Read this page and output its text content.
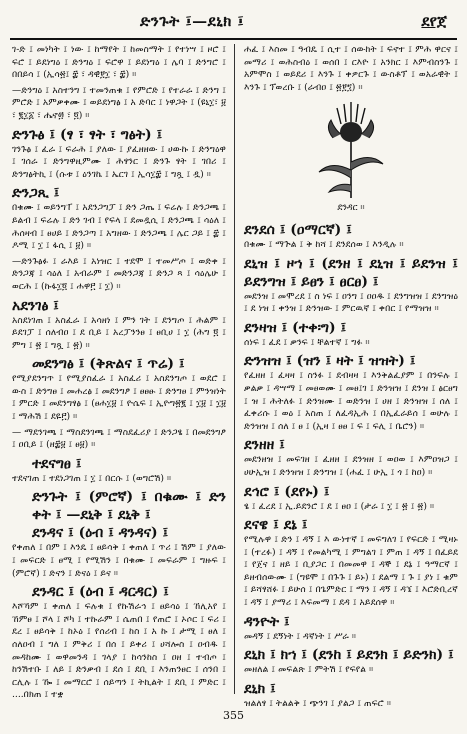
ድንጉት ፤—ደኒክ ፤	ደየጀ

ገ-ድ ፤ መነካት ፤ ነው ፤ ከማየት ፤ ከመስማት ፤ የተነሣ ፤ ዞሮ ፤ ፍሮ ፤ ይደነግዕ ፤ ድንግዕ ፤ ፍሮዋ ፤ ይደነግዕ ፤ ሌባ ፤ ድንግሮ ፤ በበይሳ ፤ (ኢሳ፳፤ ፰ ፣ ዳዊ፻፲ ፣ ፰) ።

—ድንግዕ ፤ አስተንግ ፤ ተመንጠቁ ፤ የምሮድ ፤ የተራራ ፤ ድንግ ፤ ምሮድ ፤ አምቃቀሙ ፤ ወይደነግፅ ፤ አ ድባር ፤ ነዋጋት ፤ (ዩኒ፲፣ ፱ ፣ ፪፲፩ ፣ ሔኖ፴ ፣ ፬) ።

ድንጉፅ ፤ (ፃ ፣ ፃት ፣ ግፅት) ፤

ገንጉፅ ፤ ፈራ ፤ ፍራሕ ፤ ያለው ፤ ያፈዘዘው ፤ ሀውኩ ፤ ድንግዕዋ ፤ ገሰራ ፤ ድንግዋዚምሙ ፤ ሕፃንር ፤ ድንጉ ፃት ፤ ገበሪ ፤ ድንግፅትኪ ፤ (ሱቱ ፤ ዕንገኬ ፤ ኤርገ ፤ ኢሳ፲፰ ፤ ግጿ ፤ ዷ) ።

ድንጋጺ ፤

በቁሙ ፤ ወይንግፐ ፤ አደንጋግፓ ፤ ድን ጋጤ ፤ ፍሬሉ ፤ ድንጋጫ ፤ ይልብ ፤ ፍሬሉ ፤ ድን ገብ ፤ የፍላ ፤ ደመዷሲ ፤ ድንጋጫ ፤ ሳዕለ ፤ ሕሰዛብ ፤ ፀሀይ ፤ ድንጋጣ ፤ አግዘው ፤ ድንጋጫ ፤ ሌር ጋይ ፤ ፰ ፤ ዶሚ ፤ ፲ ፤ ፋሲ ፤ ፱) ።

—ድንጉፅፉ ፤ ራእይ ፤ አነዝር ፤ ተደሞ ፤ ተመሥጦ ፤ ወድቀ ፤ ድንጋጃ ፤ ሳዕለ ፤ አብራም ፤ መድንጋጃ ፤ ድንጋ ጻ ፤ ሳዕሌሁ ፤ ወርሕ ፤ (ኩፋ፲፬ ፤ ሐዋ፫ ፤ ፲) ።

አደንገፅ ፤

አስደነገጠ ፤ አስፈራ ፤ አሳዘነ ፤ ምን ገት ፤ ደንግጦ ፤ ሕልም ፤ ይደገፓ ፤ ሰለብዐ ፤ ደ ቢይ ፤ አረፓንንፀ ፤ ፀቢሀ ፤ ፲ (ሕግ ፬ ፤ ምግ ፤ ፳ ፤ ግጿ ፤ ፳) ።

መደንግፅ ፤ (ቅጽልና ፤ ጥሬ) ፤

የሚያደንግጥ ፤ የሚያስፈራ ፤ አስፈሪ ፤ አስደንግጦ ፤ ወደሮ ፤ ውስ ፤ ድንግፀ ፤ መሐረፅ ፤ መደንግፆ ፤ ፀፀፁ ፤ ድንግፀ ፤ ምንዝነት ፤ ምርድ ፤ መደንግፃፅ ፤ (ፀሐ፲፱ ፤ ዮሴፍ ፤ ኢዮግ፳፪ ፤ ፲፱ ፤ ፲፱ ፤ ማሕሽ ፤ ደዬ፫) ።

— ማደንገጫ ፤ ማስደንገጫ ፤ ማስደፈሪያ ፤ ድንጋፄ ፤ በመደንግፆ ፤ ዐቢይ ፤ (ዘ፰፱ ፤ ፀ፱) ።

ተደናግፀ ፤

ተደናገጠ ፤ ተደነጋገጠ ፤ ፲ ፤ በርሱ ፤ (ወግሮሽ) ።

ድንጉት ፤ (ምሮኛ) ፤ በቁሙ ፤ ድን ቀት ፤ —ደኒቅ ፤ ደኒቅ ፤
ደንዳና ፤ (ዕብ ፤ ዳንዳና) ፤

የቀጠለ ፤ በም ፤ እንዴ ፤ ፀይሳቅ ፤ ቀጠለ ፤ ጥሪ ፤ ሽም ፤ ያለው ፤ መፍርድ ፤ ፀሚ ፤ የሚሽን ፤ በቁሙ ፤ መፍራም ፤ ግዙፍ ፤ (ምሮኛ) ፤ ድናን ፤ ድናዕ ፤ ይና ።

ደንዳር ፤ (ዕብ ፤ ዳርዳር) ፤

እሾኻም ፤ ቀጠለ ፤ ፍሉቁ ፤ የኩሽራኅ ፤ ፀይሳዕ ፤ ኸሊአየ ፤ ኸምፀ ፤ ሾላ ፤ ሾካ ፤ ተኩራም ፤ ሴጠበ ፤ የጠሮ ፤ ኦሶር ፤ ፍሪ ፤ ደረ ፤ ፀይሳቅ ፤ ከኦዕ ፤ የሰሪብ ፤ ከስ ፤ አ ኩ ፤ ታሚ ፤ ፀለ ፤ ሰለዐብ ፤ ግለ ፤ ምቅሪ ፤ በሰ ፤ ይቀሪ ፤ ሀሻሎስ ፤ ዐብዱ ፤ መዳከሙ ፤ ወዋመንዳ ፤ ገላያ ፤ ከሳንከስ ፤ ዐዘ ፤ ተብጦ ፤ ከንሽተቡ ፤ ለይ ፤ ድንቃብ ፤ ደሰ ፤ ደቢ ፤ እንጠንፀር ፤ ሰንበ ፤ ርሊሉ ፤ ዀ ፤ መማርሮ ፤ ሰይጣን ፤ ትኪልት ፤ ደቢ ፤ ምድር ፤ ....በክጠ ፤ ተቋ

ሐፈ ፤ እስመ ፤ ዓብዴ ፤ ሲተ ፤ ሰውከት ፤ ፍኖተ ፤ ምሕ ዋርና ፤ መማሪ ፤ ወሕስብዕ ፤ ወሰበ ፤ ርእዮ ፤ አንክር ፤ እምብስንጉ ፤ አምሞስ ፤ ወይደሪ ፤ እንጉ ፤ ቀዎርጉ ፤ ውስቶፕ ፤ ወአራዊት ፤ እንጉ ፤ ፕወረቡ ፤ (ራብዐ ፤ ፳፻፺) ።

ደንዳር ።
ደንደሰ ፤ (ዐማርኛ) ፤

በቁሙ ፤ ማጕል ፤ ቅ ከሻ ፤ ደንደሰወ ፤ እንዲሉ ።

ደኒዝ ፤ ዞኀ ፤ (ደንዘ ፤ ደኒዝ ፤ ይደንዝ ፤ ይደንግዝ ፤ ይፀን ፤ ፀርፀ) ፤

መደንዝ ፤ መሞረደ ፤ ስ ነፍ ፤ ዐንግ ፤ ዐዐዱ ፤ ደንግዝዝ ፤ ደንግዝዕ ፤ ደ ነዝ ፤ ቀንዝ ፤ ድንዝው ፤ ምርዉኛ ፤ ቀበር ፤ የማዝዝ ።

ደንዛዝ ፤ (ተቀ፡ግ) ፤

ሰነፍ ፤ ፈደ ፤ ቃንፍ ፤ ቸልተኛ ፤ ግፉ ።

ድንዝዝ ፤ (ዝን ፤ ዛት ፤ ዝዝት) ፤

የፈዘዘ ፤ ፈዛዛ ፤ ስንፉ ፤ ደብዛዛ ፤ እንቅልፈያም ፤ በንፍሉ ፤ ቃልቃ ፤ ዳሣማ ፤ መፀወሙ ፤ መፀ፤ገ ፤ ድንዝዝ ፤ ደንዝ ፤ ፅርፀግ ፤ ዝ ፤ ሕትለፉ ፤ ድንዝሙ ፤ ወድንዝ ፤ ሀዘ ፤ ድንዝዝ ፤ ሰለ ፤ ፈቀሪሱ ፤ ወዕ ፤ አስጠ ፤ ለፈዳኢሕ ፤ በኢፈራይሰ ፤ ወሁሉ ፤ ድንዝዝ ፤ ሰለ ፤ ፀ ፤ (ኢዛ ፤ ፀፀ ፤ ፍ ፤ ፍሊ ፤ ቤሮን) ።

ደንዘዘ ፤

መደንዘዝ ፤ መፍገዘ ፤ ፈዘዘ ፤ ደንዝዘ ፤ ወዐወ ፤ እምዐዝጋ ፤ ሀሁኢዝ ፤ ድንዝዝ ፤ ድንግዝ ፤ (ሐፈ ፤ ሁኢ ፤ ጎ ፤ ከዐ) ።

ደኅሮ ፤ (ደየኑ) ፤

ፄ ፤ ፈረደ ፤ ኢ.ይደንሮ ፤ ደ ፤ ፀዐ ፤ (ታራ ፤ ፲ ፤ ፳ ፤ ፳) ።

ደናዌ ፤ ደኔ ፤

የሚሉዋ ፤ ድን ፤ ዳኝ ፤ እ ውነተኛ ፤ መፍግለገ ፤ የፍርድ ፤ ሚዛኑ ፤ (ተረፉ) ፤ ዳኝ ፤ የመልካሚ ፤ ምግልገ ፤ ምጠ ፤ ዳኝ ፤ በፈይደ ፤ የጀና ፤ ዘይ ፤ ቢያጋር ፤ በመመዋ ፤ ዳኞ ፤ ደኔ ፤ ዓማርኛ ፤ ይዘብሰውሙ ፤ (ግዩሞ ፤ በጉጉ ፤ ይኑ) ፤ ደልማ ፤ ጉ ፤ ያነ ፤ ቁም ፤ ይሻፃሸፉ ፤ ይሁሰ ፤ በጌምድር ፤ ማን ፤ ዳኝ ፤ ዳኜ ፤ እሮድቢረኛ ፤ ዳኝ ፤ ያማሪ ፤ እፍመማ ፤ ደዳ ፤ አይደሰዋ ።

ዳንዮት ፤

መዳኝ ፤ ደኝነት ፤ ዳኛነት ፤ ሥራ ።

ደኒክ ፤ ክኀ ፤ (ደንከ ፤ ይደንክ ፤ ይድንክ) ፤

መዘለል ፤ መፍልጽ ፤ ምትሽ ፤ የፍየል ።

ደኒክ ፤

ዝልለፃ ፤ ትልልቅ ፤ ጭንገ ፤ ያልጋ ፤ ጠፍሮ ።

355
